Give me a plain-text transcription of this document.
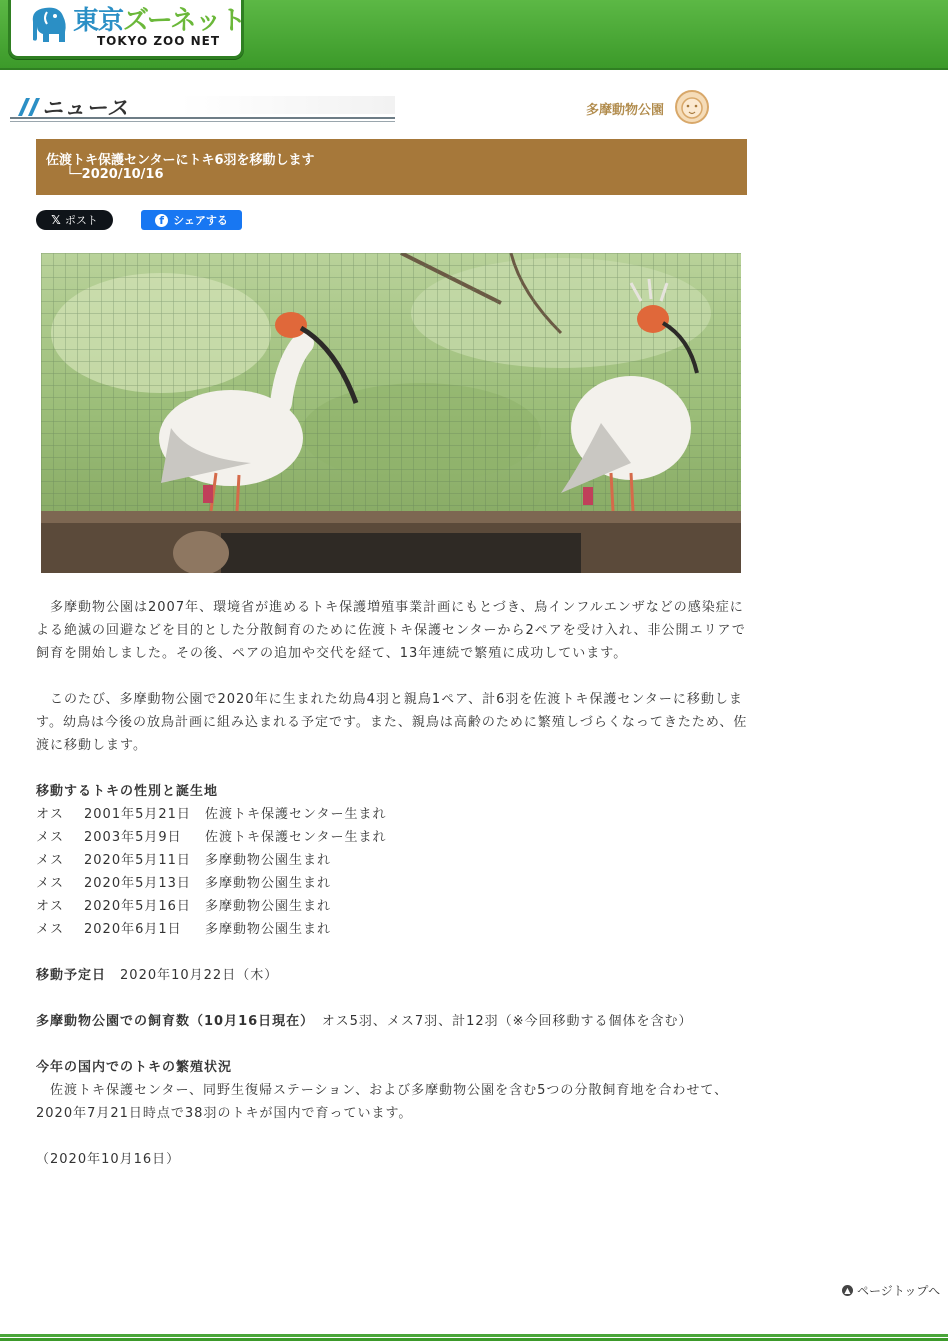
東京ズーネット
TOKYO ZOO NET
ニュース	多摩動物公園
佐渡トキ保護センターにトキ6羽を移動します
└─2020/10/16
𝕏 ポスト	f シェアする

　多摩動物公園は2007年、環境省が進めるトキ保護増殖事業計画にもとづき、鳥インフルエンザなどの感染症による絶滅の回避などを目的とした分散飼育のために佐渡トキ保護センターから2ペアを受け入れ、非公開エリアで飼育を開始しました。その後、ペアの追加や交代を経て、13年連続で繁殖に成功しています。

　このたび、多摩動物公園で2020年に生まれた幼鳥4羽と親鳥1ペア、計6羽を佐渡トキ保護センターに移動します。幼鳥は今後の放鳥計画に組み込まれる予定です。また、親鳥は高齢のために繁殖しづらくなってきたため、佐渡に移動します。

移動するトキの性別と誕生地

オス	2001年5月21日	佐渡トキ保護センター生まれ
メス	2003年5月9日	佐渡トキ保護センター生まれ
メス	2020年5月11日	多摩動物公園生まれ
メス	2020年5月13日	多摩動物公園生まれ
オス	2020年5月16日	多摩動物公園生まれ
メス	2020年6月1日	多摩動物公園生まれ

移動予定日　 2020年10月22日（木）

多摩動物公園での飼育数（10月16日現在）　 オス5羽、メス7羽、計12羽（※今回移動する個体を含む）

今年の国内でのトキの繁殖状況

　佐渡トキ保護センター、同野生復帰ステーション、および多摩動物公園を含む5つの分散飼育地を合わせて、2020年7月21日時点で38羽のトキが国内で育っています。

（2020年10月16日）

▲ ページトップへ
